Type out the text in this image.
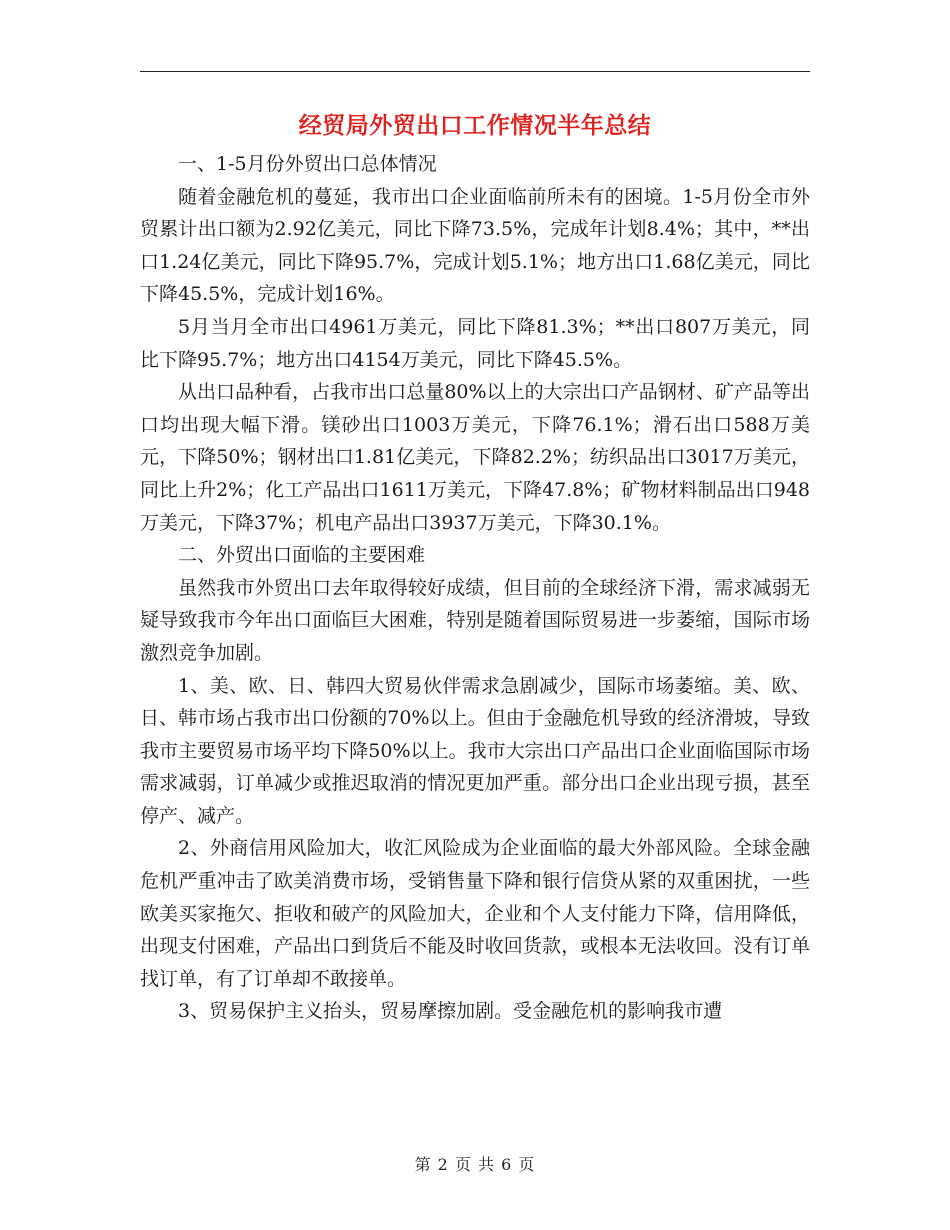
经贸局外贸出口工作情况半年总结

一、1-5月份外贸出口总体情况

随着金融危机的蔓延，我市出口企业面临前所未有的困境。1-5月份全市外贸累计出口额为2.92亿美元，同比下降73.5%，完成年计划8.4%；其中，**出口1.24亿美元，同比下降95.7%，完成计划5.1%；地方出口1.68亿美元，同比下降45.5%，完成计划16%。

5月当月全市出口4961万美元，同比下降81.3%；**出口807万美元，同比下降95.7%；地方出口4154万美元，同比下降45.5%。

从出口品种看，占我市出口总量80%以上的大宗出口产品钢材、矿产品等出口均出现大幅下滑。镁砂出口1003万美元，下降76.1%；滑石出口588万美元，下降50%；钢材出口1.81亿美元，下降82.2%；纺织品出口3017万美元，同比上升2%；化工产品出口1611万美元，下降47.8%；矿物材料制品出口948万美元，下降37%；机电产品出口3937万美元，下降30.1%。

二、外贸出口面临的主要困难

虽然我市外贸出口去年取得较好成绩，但目前的全球经济下滑，需求减弱无疑导致我市今年出口面临巨大困难，特别是随着国际贸易进一步萎缩，国际市场激烈竞争加剧。

1、美、欧、日、韩四大贸易伙伴需求急剧减少，国际市场萎缩。美、欧、日、韩市场占我市出口份额的70%以上。但由于金融危机导致的经济滑坡，导致我市主要贸易市场平均下降50%以上。我市大宗出口产品出口企业面临国际市场需求减弱，订单减少或推迟取消的情况更加严重。部分出口企业出现亏损，甚至停产、减产。

2、外商信用风险加大，收汇风险成为企业面临的最大外部风险。全球金融危机严重冲击了欧美消费市场，受销售量下降和银行信贷从紧的双重困扰，一些欧美买家拖欠、拒收和破产的风险加大，企业和个人支付能力下降，信用降低，出现支付困难，产品出口到货后不能及时收回货款，或根本无法收回。没有订单找订单，有了订单却不敢接单。

3、贸易保护主义抬头，贸易摩擦加剧。受金融危机的影响我市遭

第 2 页 共 6 页
